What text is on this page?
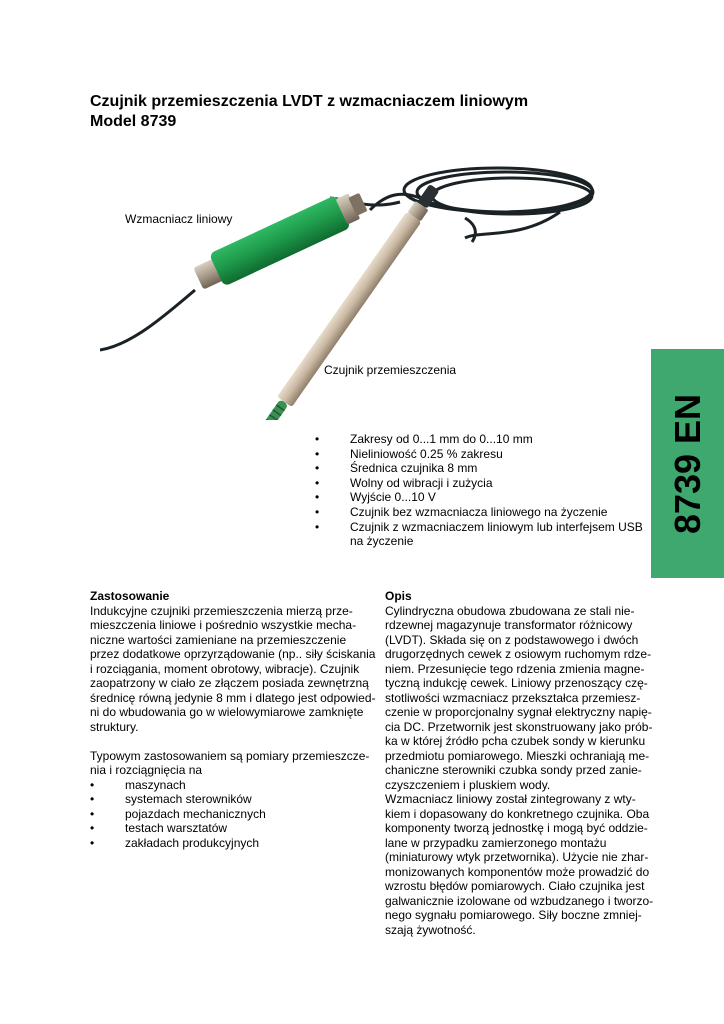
Czujnik przemieszczenia LVDT z wzmacniaczem liniowym
Model 8739
Wzmacniacz liniowy
Czujnik przemieszczenia
8739 EN
• Zakresy od 0...1 mm do 0...10 mm
• Nieliniowość 0.25 % zakresu
• Średnica czujnika 8 mm
• Wolny od wibracji i zużycia
• Wyjście 0...10 V
• Czujnik bez wzmacniacza liniowego na życzenie
• Czujnik z wzmacniaczem liniowym lub interfejsem USB na życzenie
Zastosowanie

Indukcyjne czujniki przemieszczenia mierzą prze-
mieszczenia liniowe i pośrednio wszystkie mecha-
niczne wartości zamieniane na przemieszczenie
przez dodatkowe oprzyrządowanie (np.. siły ściskania
i rozciągania, moment obrotowy, wibracje). Czujnik
zaopatrzony w ciało ze złączem posiada zewnętrzną
średnicę równą jedynie 8 mm i dlatego jest odpowied-
ni do wbudowania go w wielowymiarowe zamknięte
struktury.

Typowym zastosowaniem są pomiary przemieszcze-
nia i rozciągnięcia na

• maszynach
• systemach sterowników
• pojazdach mechanicznych
• testach warsztatów
• zakładach produkcyjnych
Opis

Cylindryczna obudowa zbudowana ze stali nie-
rdzewnej magazynuje transformator różnicowy
(LVDT). Składa się on z podstawowego i dwóch
drugorzędnych cewek z osiowym ruchomym rdze-
niem. Przesunięcie tego rdzenia zmienia magne-
tyczną indukcję cewek. Liniowy przenoszący czę-
stotliwości wzmacniacz przekształca przemiesz-
czenie w proporcjonalny sygnał elektryczny napię-
cia DC. Przetwornik jest skonstruowany jako prób-
ka w której źródło pcha czubek sondy w kierunku
przedmiotu pomiarowego. Mieszki ochraniają me-
chaniczne sterowniki czubka sondy przed zanie-
czyszczeniem i pluskiem wody.

Wzmacniacz liniowy został zintegrowany z wty-
kiem i dopasowany do konkretnego czujnika. Oba
komponenty tworzą jednostkę i mogą być oddzie-
lane w przypadku zamierzonego montażu
(miniaturowy wtyk przetwornika). Użycie nie zhar-
monizowanych komponentów może prowadzić do
wzrostu błędów pomiarowych. Ciało czujnika jest
galwanicznie izolowane od wzbudzanego i tworzo-
nego sygnału pomiarowego. Siły boczne zmniej-
szają żywotność.
